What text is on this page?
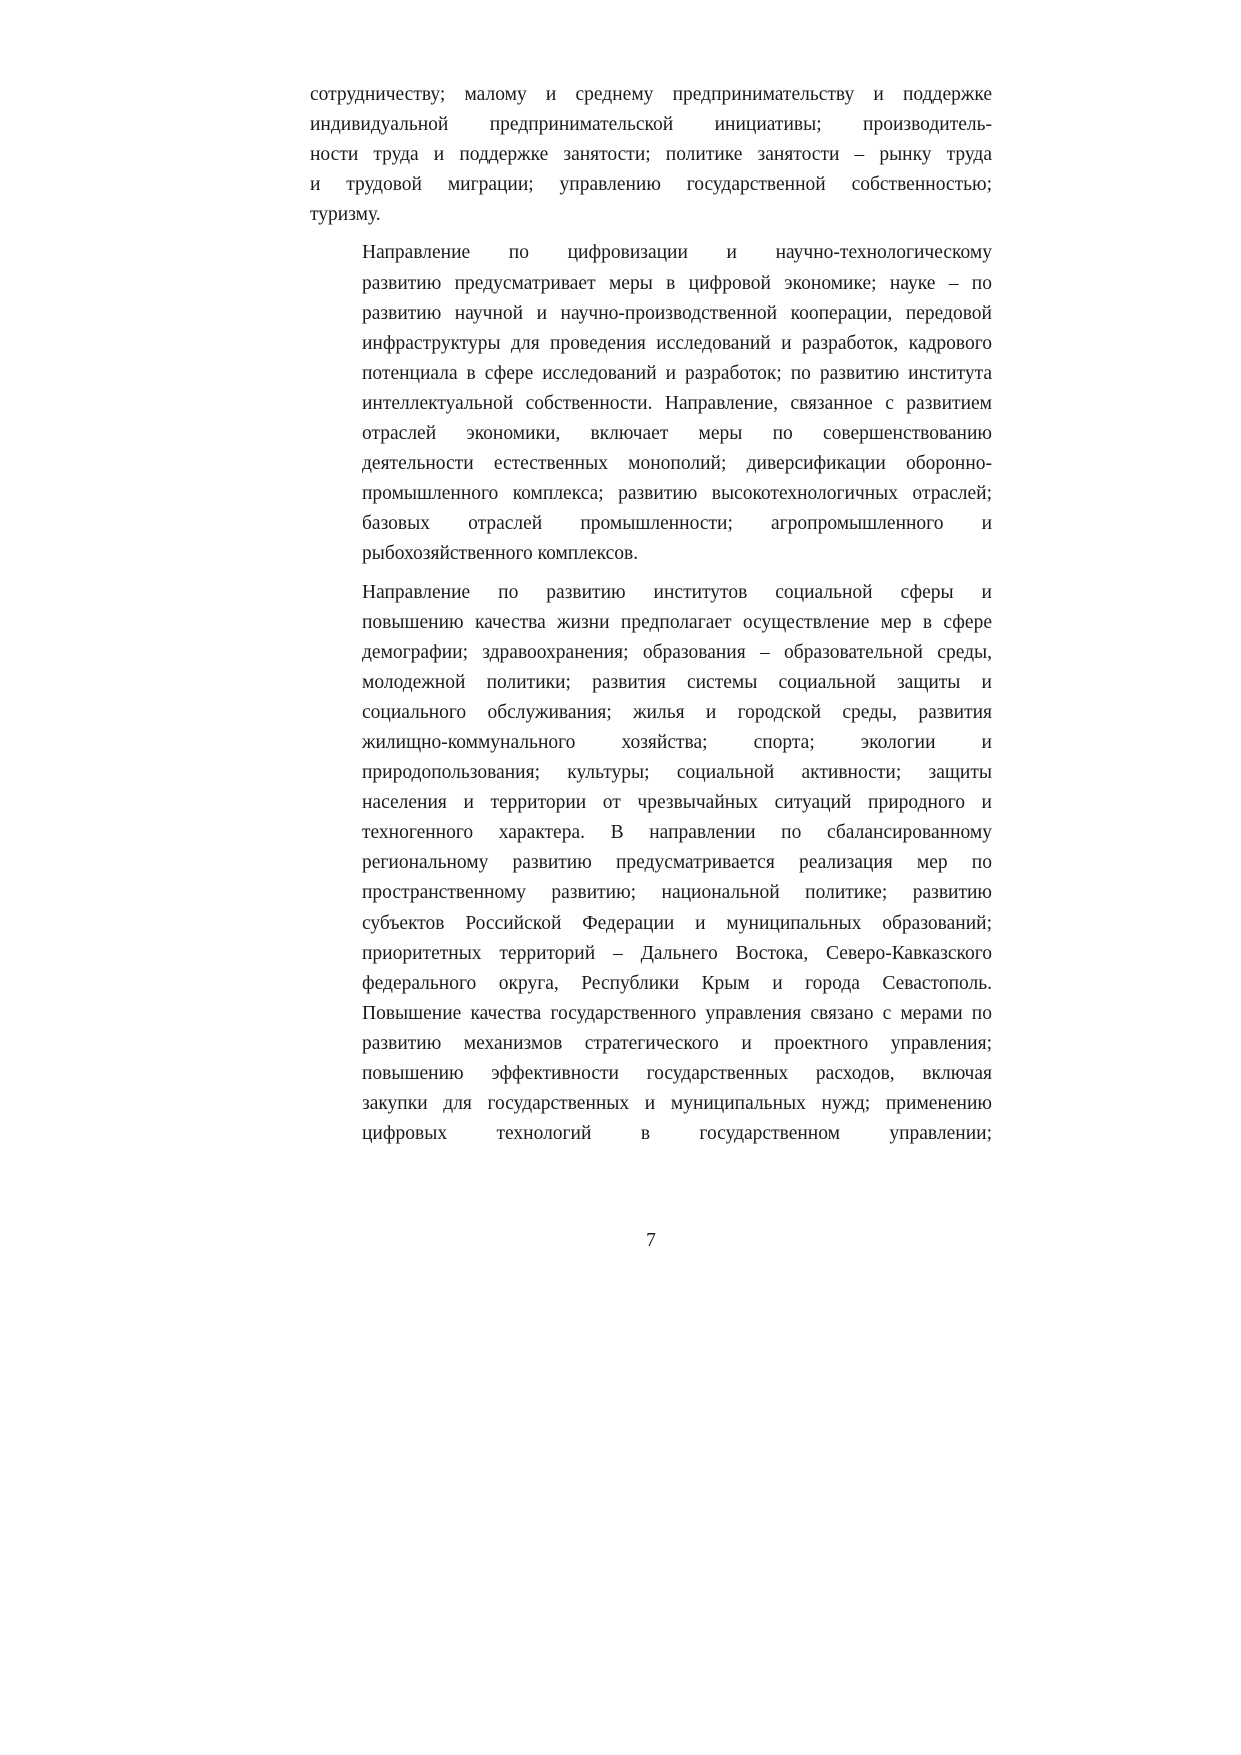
сотрудничеству; малому и среднему предпринимательству и поддержке
индивидуальной предпринимательской инициативы; производитель-
ности труда и поддержке занятости; политике занятости – рынку труда
и трудовой миграции; управлению государственной собственностью;
туризму.
Направление по цифровизации и научно-технологическому
развитию предусматривает меры в цифровой экономике; науке – по
развитию научной и научно-производственной кооперации, передовой
инфраструктуры для проведения исследований и разработок, кадрового
потенциала в сфере исследований и разработок; по развитию института
интеллектуальной собственности. Направление, связанное с развитием
отраслей экономики, включает меры по совершенствованию
деятельности естественных монополий; диверсификации оборонно-
промышленного комплекса; развитию высокотехнологичных отраслей;
базовых отраслей промышленности; агропромышленного и
рыбохозяйственного комплексов.
Направление по развитию институтов социальной сферы и
повышению качества жизни предполагает осуществление мер в сфере
демографии; здравоохранения; образования – образовательной среды,
молодежной политики; развития системы социальной защиты и
социального обслуживания; жилья и городской среды, развития
жилищно-коммунального хозяйства; спорта; экологии и
природопользования; культуры; социальной активности; защиты
населения и территории от чрезвычайных ситуаций природного и
техногенного характера. В направлении по сбалансированному
региональному развитию предусматривается реализация мер по
пространственному развитию; национальной политике; развитию
субъектов Российской Федерации и муниципальных образований;
приоритетных территорий – Дальнего Востока, Северо-Кавказского
федерального округа, Республики Крым и города Севастополь.
Повышение качества государственного управления связано с мерами по
развитию механизмов стратегического и проектного управления;
повышению эффективности государственных расходов, включая
закупки для государственных и муниципальных нужд; применению
цифровых технологий в государственном управлении;
7
